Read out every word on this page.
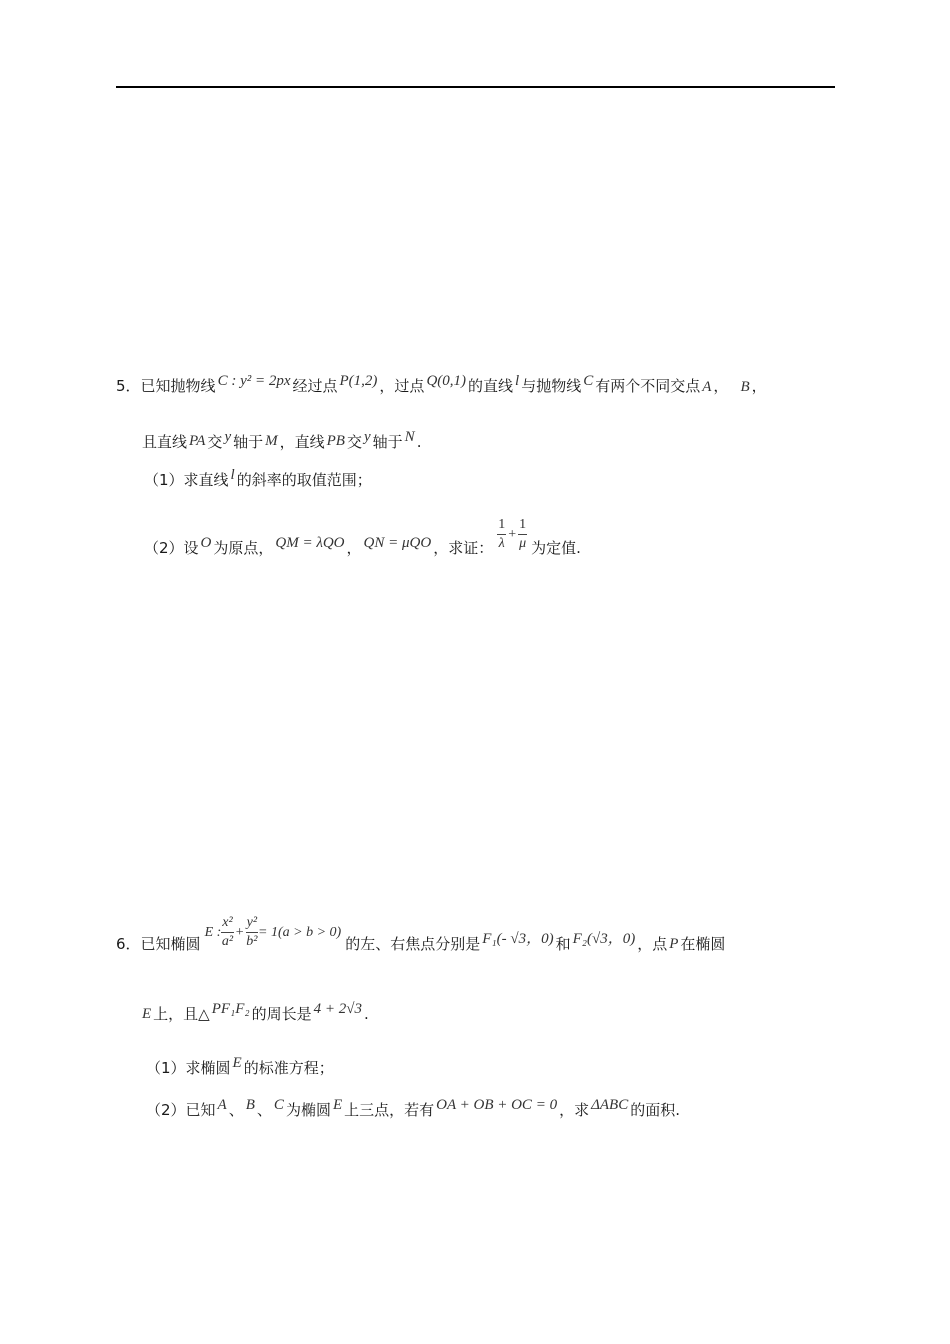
5．已知抛物线 C : y² = 2px 经过点 P(1,2) ，过点 Q(0,1) 的直线 l 与抛物线 C 有两个不同交点 A ， B ，
且直线 PA 交 y 轴于 M ，直线 PB 交 y 轴于 N .
（1）求直线 l 的斜率的取值范围；
（2）设 O 为原点， QM = λQO ， QN = μQO ，求证： $\frac{1}{\lambda} + \frac{1}{\mu}$ 为定值.
6．已知椭圆E : $\frac{\text{x²}}{\text{a²}} + \frac{\text{y²}}{\text{b²}} = 1(a > b > 0)$的左、右焦点分别是 F₁(- √3，0) 和 F₂(√3，0) ，点 P 在椭圆
E 上，且△ PF₁F₂ 的周长是 4 + 2√3 .
（1）求椭圆 E 的标准方程；
（2）已知 A 、 B 、 C 为椭圆 E 上三点，若有 OA + OB + OC = 0 ，求 ΔABC 的面积.
